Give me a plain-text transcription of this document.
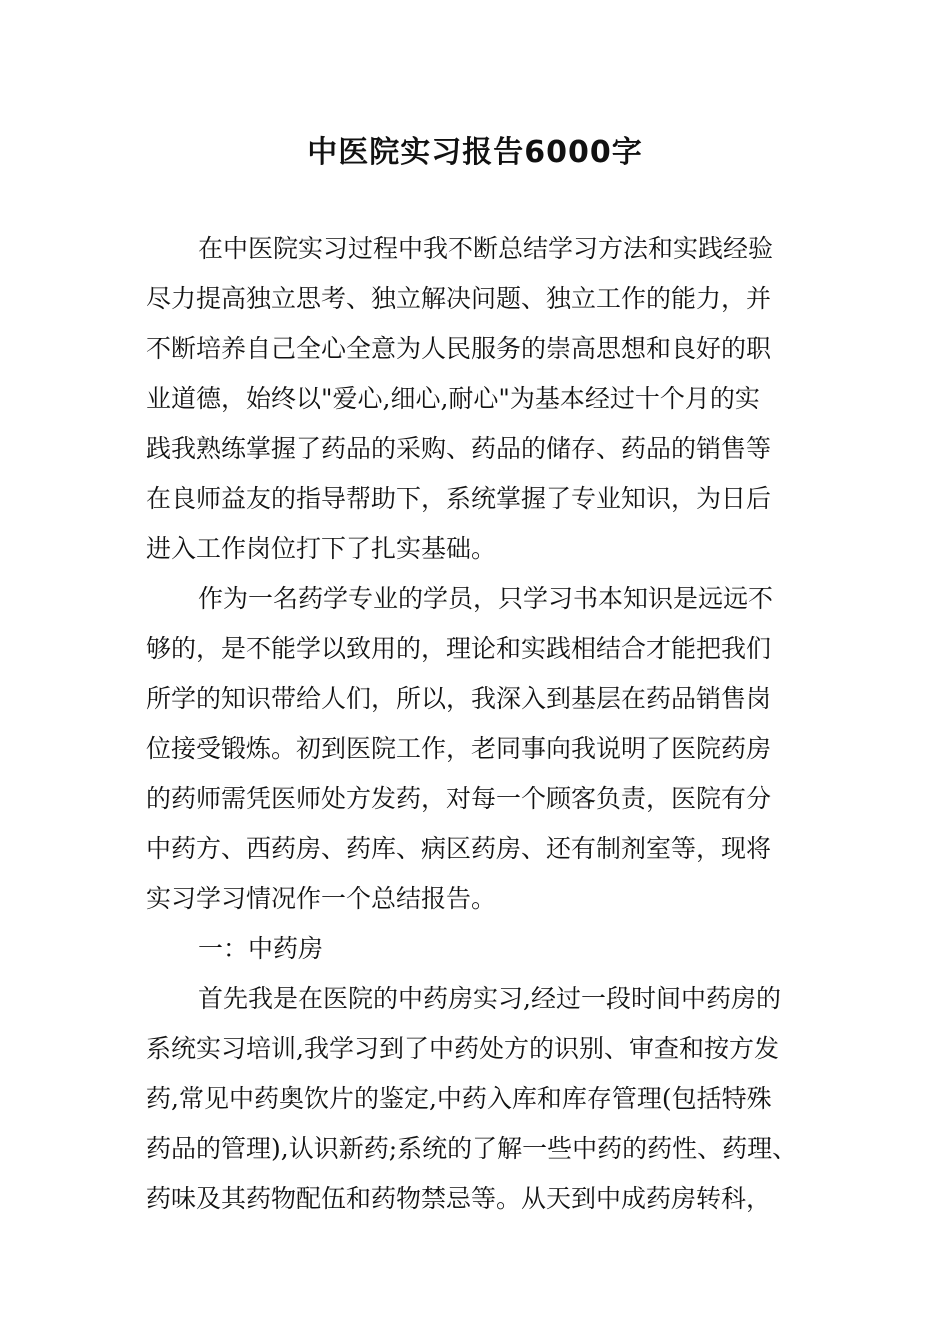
中医院实习报告6000字
在中医院实习过程中我不断总结学习方法和实践经验
尽力提高独立思考、独立解决问题、独立工作的能力，并
不断培养自己全心全意为人民服务的崇高思想和良好的职
业道德，始终以"爱心,细心,耐心"为基本经过十个月的实
践我熟练掌握了药品的采购、药品的储存、药品的销售等
在良师益友的指导帮助下，系统掌握了专业知识，为日后
进入工作岗位打下了扎实基础。
作为一名药学专业的学员，只学习书本知识是远远不
够的，是不能学以致用的，理论和实践相结合才能把我们
所学的知识带给人们，所以，我深入到基层在药品销售岗
位接受锻炼。初到医院工作，老同事向我说明了医院药房
的药师需凭医师处方发药，对每一个顾客负责，医院有分
中药方、西药房、药库、病区药房、还有制剂室等，现将
实习学习情况作一个总结报告。
一：中药房
首先我是在医院的中药房实习,经过一段时间中药房的
系统实习培训,我学习到了中药处方的识别、审查和按方发
药,常见中药奥饮片的鉴定,中药入库和库存管理(包括特殊
药品的管理),认识新药;系统的了解一些中药的药性、药理、
药味及其药物配伍和药物禁忌等。从天到中成药房转科，
